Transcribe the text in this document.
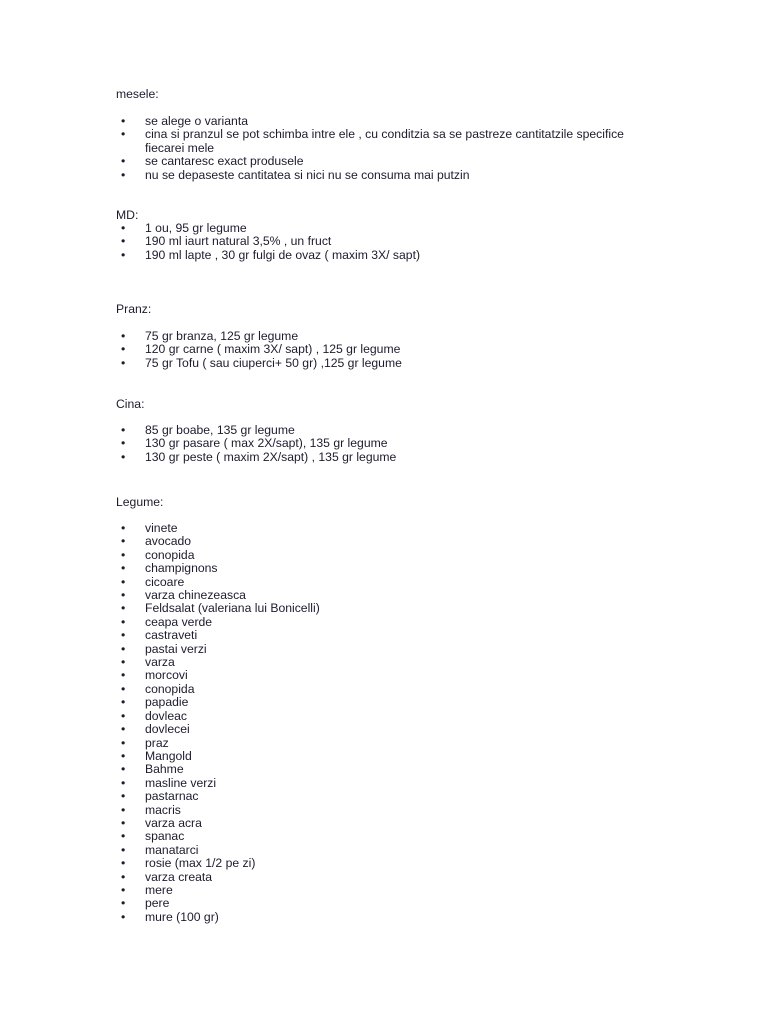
mesele:

• se alege o varianta
• cina si pranzul se pot schimba intre ele , cu conditzia sa se pastreze cantitatzile specifice fiecarei mele
• se cantaresc exact produsele
• nu se depaseste cantitatea si nici nu se consuma mai putzin

MD:

• 1 ou, 95 gr legume
• 190 ml iaurt natural 3,5% , un fruct
• 190 ml lapte , 30 gr fulgi de ovaz ( maxim 3X/ sapt)

Pranz:

• 75 gr branza, 125 gr legume
• 120 gr carne ( maxim 3X/ sapt) , 125 gr legume
• 75 gr Tofu ( sau ciuperci+ 50 gr) ,125 gr legume

Cina:

• 85 gr boabe, 135 gr legume
• 130 gr pasare ( max 2X/sapt), 135 gr legume
• 130 gr peste ( maxim 2X/sapt) , 135 gr legume

Legume:

• vinete
• avocado
• conopida
• champignons
• cicoare
• varza chinezeasca
• Feldsalat (valeriana lui Bonicelli)
• ceapa verde
• castraveti
• pastai verzi
• varza
• morcovi
• conopida
• papadie
• dovleac
• dovlecei
• praz
• Mangold
• Bahme
• masline verzi
• pastarnac
• macris
• varza acra
• spanac
• manatarci
• rosie (max 1/2 pe zi)
• varza creata
• mere
• pere
• mure (100 gr)
